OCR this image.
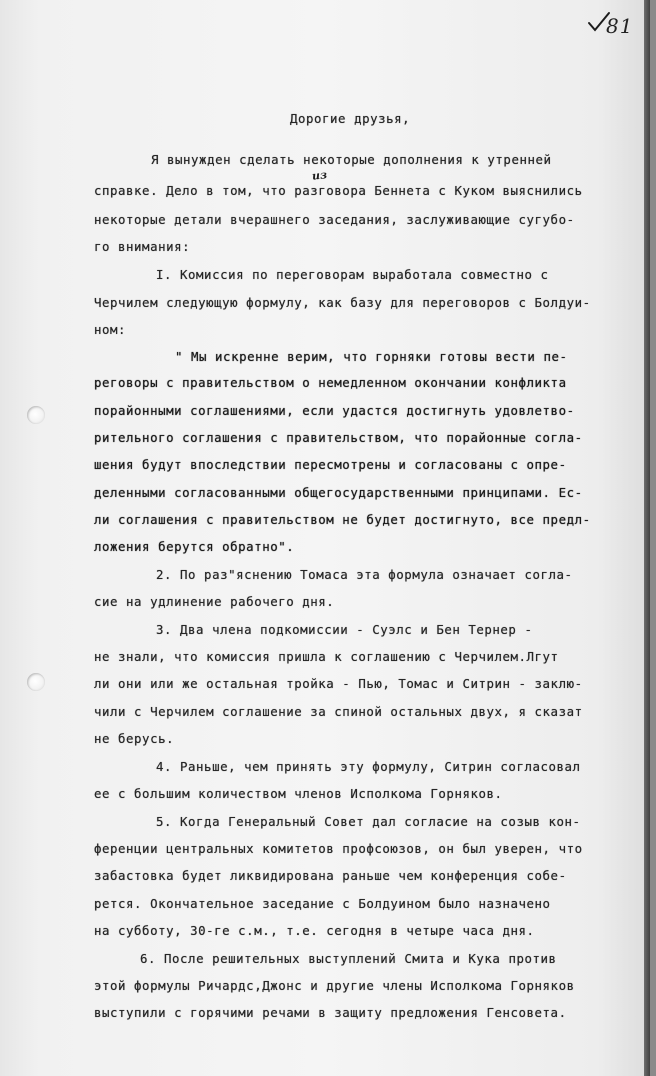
81
из
Дорогие друзья,
Я вынужден сделать некоторые дополнения к утренней
справке. Дело в том, что разговора Беннета с Куком выяснились
некоторые детали вчерашнего заседания, заслуживающие сугубо-
го внимания:
I. Комиссия по переговорам выработала совместно с
Черчилем следующую формулу, как базу для переговоров с Болдуи-
ном:
" Мы искренне верим, что горняки готовы вести пе-
реговоры с правительством о немедленном окончании конфликта
порайонными соглашениями, если удастся достигнуть удовлетво-
рительного соглашения с правительством, что порайонные согла-
шения будут впоследствии пересмотрены и согласованы с опре-
деленными согласованными общегосударственными принципами. Ес-
ли соглашения с правительством не будет достигнуто, все предл-
ложения берутся обратно".
2. По раз"яснению Томаса эта формула означает согла-
сие на удлинение рабочего дня.
3. Два члена подкомиссии - Суэлс и Бен Тернер -
не знали, что комиссия пришла к соглашению с Черчилем.Лгут
ли они или же остальная тройка - Пью, Томас и Ситрин - заклю-
чили с Черчилем соглашение за спиной остальных двух, я сказат
не берусь.
4. Раньше, чем принять эту формулу, Ситрин согласовал
ее с большим количеством членов Исполкома Горняков.
5. Когда Генеральный Совет дал согласие на созыв кон-
ференции центральных комитетов профсоюзов, он был уверен, что
забастовка будет ликвидирована раньше чем конференция собе-
рется. Окончательное заседание с Болдуином было назначено
на субботу, 30-ге с.м., т.е. сегодня в четыре часа дня.
6. После решительных выступлений Смита и Кука против
этой формулы Ричардс,Джонс и другие члены Исполкома Горняков
выступили с горячими речами в защиту предложения Генсовета.
